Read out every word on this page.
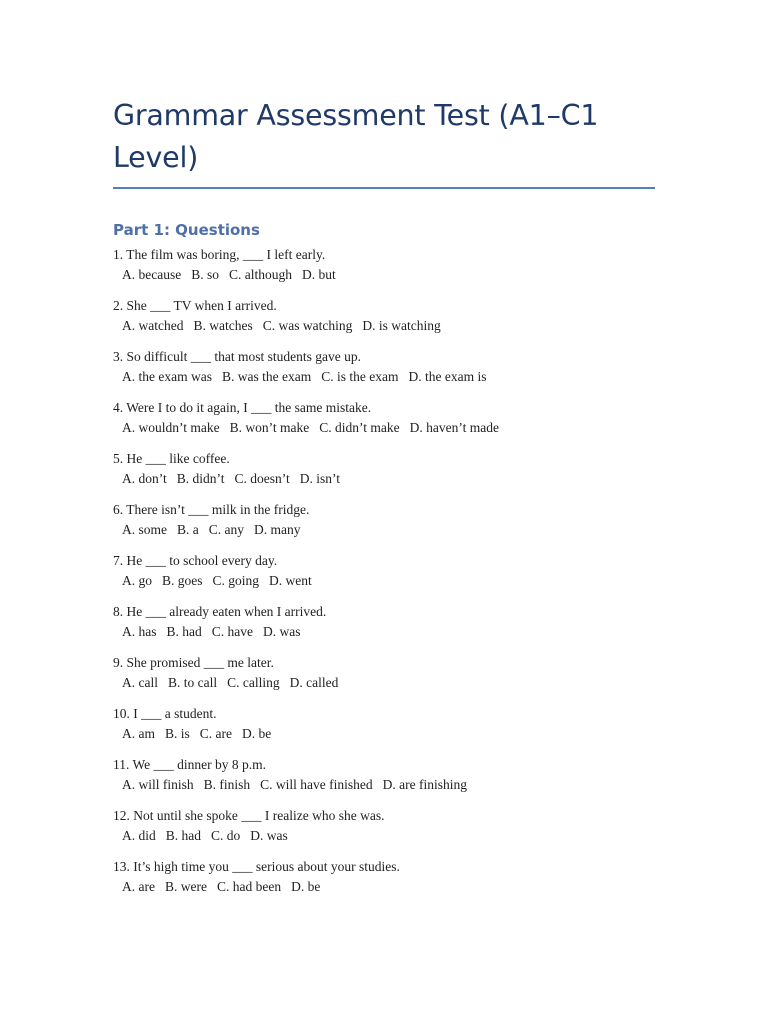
Grammar Assessment Test (A1–C1 Level)
Part 1: Questions
1. The film was boring, ___ I left early.
A. because B. so C. although D. but
2. She ___ TV when I arrived.
A. watched B. watches C. was watching D. is watching
3. So difficult ___ that most students gave up.
A. the exam was B. was the exam C. is the exam D. the exam is
4. Were I to do it again, I ___ the same mistake.
A. wouldn’t make B. won’t make C. didn’t make D. haven’t made
5. He ___ like coffee.
A. don’t B. didn’t C. doesn’t D. isn’t
6. There isn’t ___ milk in the fridge.
A. some B. a C. any D. many
7. He ___ to school every day.
A. go B. goes C. going D. went
8. He ___ already eaten when I arrived.
A. has B. had C. have D. was
9. She promised ___ me later.
A. call B. to call C. calling D. called
10. I ___ a student.
A. am B. is C. are D. be
11. We ___ dinner by 8 p.m.
A. will finish B. finish C. will have finished D. are finishing
12. Not until she spoke ___ I realize who she was.
A. did B. had C. do D. was
13. It’s high time you ___ serious about your studies.
A. are B. were C. had been D. be
